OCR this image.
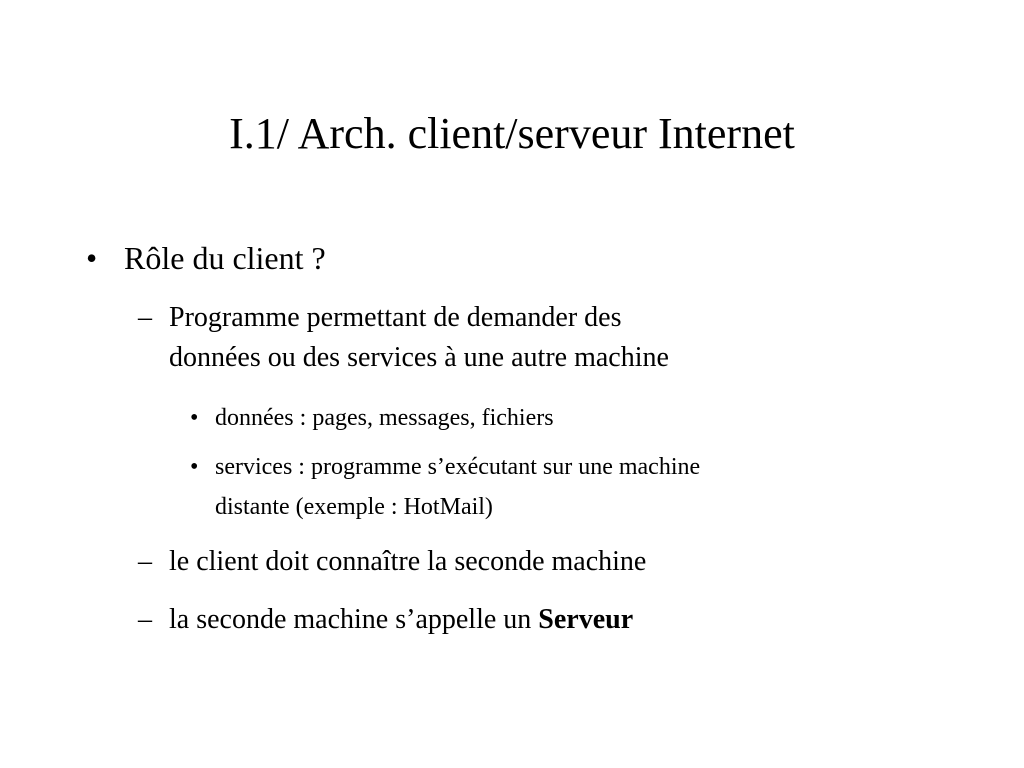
I.1/ Arch. client/serveur Internet
• Rôle du client ?
– Programme permettant de demander des
données ou des services à une autre machine
• données : pages, messages, fichiers
• services : programme s’exécutant sur une machine
distante (exemple : HotMail)
– le client doit connaître la seconde machine
– la seconde machine s’appelle un Serveur
